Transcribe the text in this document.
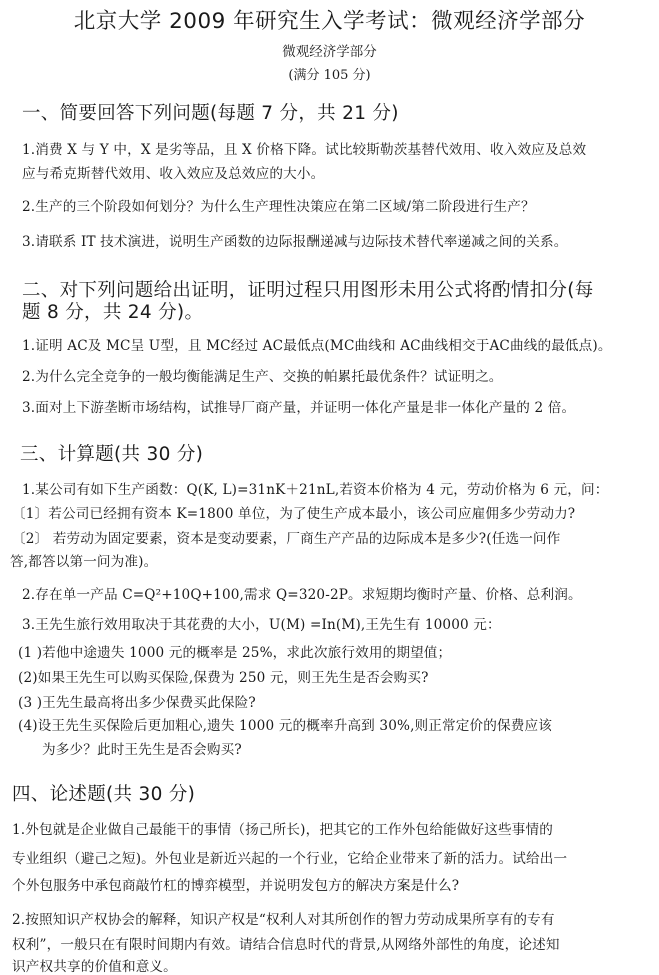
北京大学 2009 年研究生入学考试：微观经济学部分
微观经济学部分
(满分 105 分)
一、简要回答下列问题(每题 7 分，共 21 分)
1.消费 X 与 Y 中，X 是劣等品，且 X 价格下降。试比较斯勒茨基替代效用、收入效应及总效
应与希克斯替代效用、收入效应及总效应的大小。
2.生产的三个阶段如何划分？为什么生产理性决策应在第二区域/第二阶段进行生产？
3.请联系 IT 技术演进，说明生产函数的边际报酬递减与边际技术替代率递减之间的关系。
二、对下列问题给出证明，证明过程只用图形未用公式将酌情扣分(每
题 8 分，共 24 分)。
1.证明 AC及 MC呈 U型，且 MC经过 AC最低点(MC曲线和 AC曲线相交于AC曲线的最低点)。
2.为什么完全竞争的一般均衡能满足生产、交换的帕累托最优条件？试证明之。
3.面对上下游垄断市场结构，试推导厂商产量，并证明一体化产量是非一体化产量的 2 倍。
三、计算题(共 30 分)
1.某公司有如下生产函数：Q(K, L)=31nK＋21nL,若资本价格为 4 元，劳动价格为 6 元，问：
〔1〕若公司已经拥有资本 K=1800 单位，为了使生产成本最小，该公司应雇佣多少劳动力?
〔2〕 若劳动为固定要素，资本是变动要素，厂商生产产品的边际成本是多少?(任选一问作
答,都答以第一问为准)。
2.存在单一产品 C=Q²+10Q+100,需求 Q=320-2P。求短期均衡时产量、价格、总利润。
3.王先生旅行效用取决于其花费的大小，U(M) =In(M),王先生有 10000 元：
(1 )若他中途遗失 1000 元的概率是 25%，求此次旅行效用的期望值；
(2)如果王先生可以购买保险,保费为 250 元，则王先生是否会购买?
(3 )王先生最高将出多少保费买此保险?
(4)设王先生买保险后更加粗心,遗失 1000 元的概率升高到 30%,则正常定价的保费应该
为多少？此时王先生是否会购买?
四、论述题(共 30 分)
1.外包就是企业做自己最能干的事情（扬己所长)，把其它的工作外包给能做好这些事情的
专业组织（避己之短)。外包业是新近兴起的一个行业，它给企业带来了新的活力。试给出一
个外包服务中承包商敲竹杠的博弈模型，并说明发包方的解决方案是什么?
2.按照知识产权协会的解释，知识产权是“权利人对其所创作的智力劳动成果所享有的专有
权利”，一般只在有限时间期内有效。请结合信息时代的背景,从网络外部性的角度，论述知
识产权共享的价值和意义。
